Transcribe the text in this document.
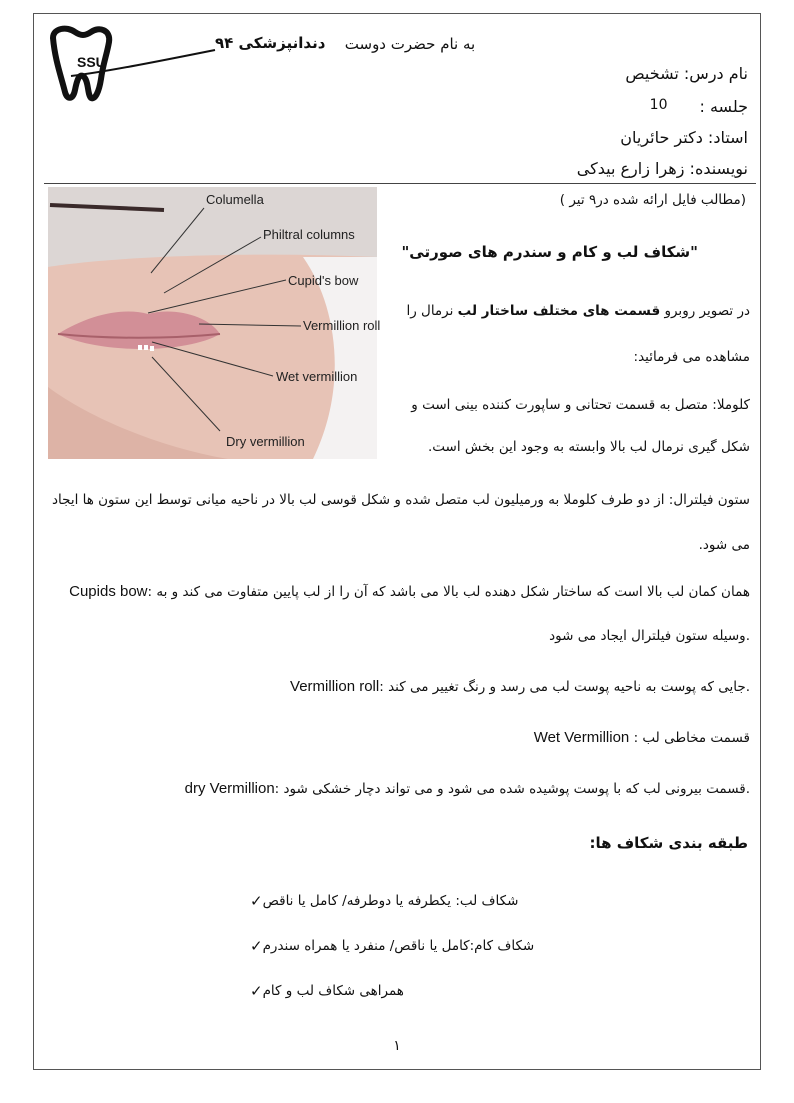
SSU
دندانپزشکی ۹۴	به نام حضرت دوست
نام درس: تشخیص
جلسه :
10
استاد: دکتر حائریان
نویسنده: زهرا زارع بیدکی
Columella
Philtral columns
Cupid's bow
Vermillion roll
Wet vermillion
Dry vermillion
(مطالب فایل ارائه شده در۹ تیر )
"شکاف لب و کام و سندرم های صورتی"
در تصویر روبرو قسمت های مختلف ساختار لب نرمال را مشاهده می فرمائید:
کلوملا: متصل به قسمت تحتانی و ساپورت کننده بینی است و شکل گیری نرمال لب بالا وابسته به وجود این بخش است.
ستون فیلترال: از دو طرف کلوملا به ورمیلیون لب متصل شده و شکل قوسی لب بالا در ناحیه میانی توسط این ستون ها ایجاد می شود.
Cupids bow: همان کمان لب بالا است که ساختار شکل دهنده لب بالا می باشد که آن را از لب پایین متفاوت می کند و به وسیله ستون فیلترال ایجاد می شود.
Vermillion roll: جایی که پوست به ناحیه پوست لب می رسد و رنگ تغییر می کند.
Wet Vermillion : قسمت مخاطی لب
dry Vermillion: قسمت بیرونی لب که با پوست پوشیده شده می شود و می تواند دچار خشکی شود.
طبقه بندی شکاف ها:
✓ شکاف لب: یکطرفه یا دوطرفه/ کامل یا ناقص
✓ شکاف کام:کامل یا ناقص/ منفرد یا همراه سندرم
✓ همراهی شکاف لب و کام
۱
